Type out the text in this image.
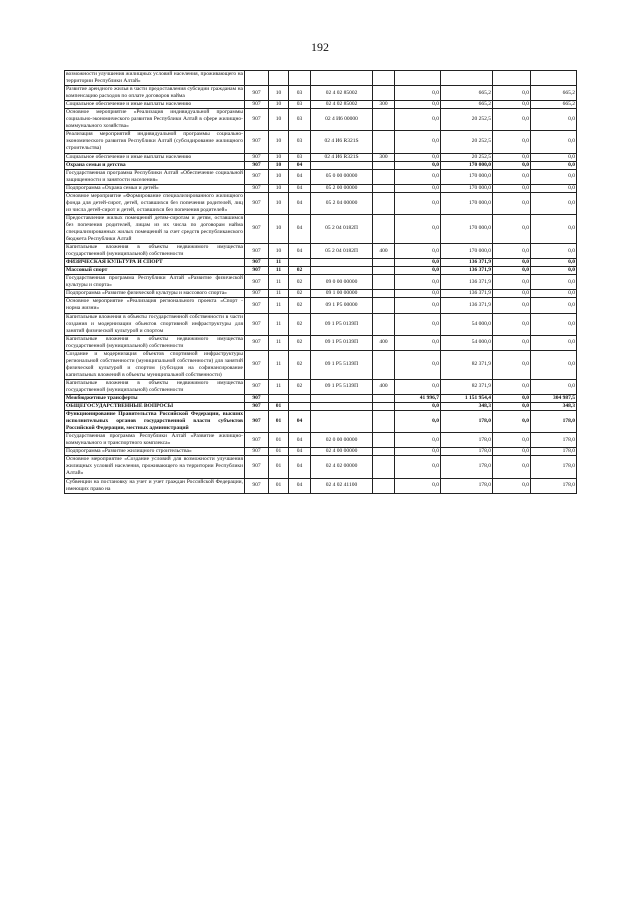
192
возможности улучшения жилищных условий населения, проживающего на территории Республики Алтай»									
Развитие арендного жилья в части предоставления субсидии гражданам на компенсацию расходов по оплате договоров найма	907	10	03	02 4 02 85002		0,0	665,2	0,0	665,2
Социальное обеспечение и иные выплаты населению	907	10	03	02 4 02 85002	300	0,0	665,2	0,0	665,2
Основное мероприятие «Реализация индивидуальной программы социально-экономического развития Республики Алтай в сфере жилищно-коммунального хозяйства»	907	10	03	02 4 И6 00000		0,0	20 252,5	0,0	0,0
Реализация мероприятий индивидуальной программы социально-экономического развития Республики Алтай (субсидирование жилищного строительства)	907	10	03	02 4 И6 R321S		0,0	20 252,5	0,0	0,0
Социальное обеспечение и иные выплаты населению	907	10	03	02 4 И6 R321S	300	0,0	20 252,5	0,0	0,0
Охрана семьи и детства	907	10	04			0,0	170 000,0	0,0	0,0
Государственная программа Республики Алтай «Обеспечение социальной защищенности и занятости населения»	907	10	04	05 0 00 00000		0,0	170 000,0	0,0	0,0
Подпрограмма «Охрана семьи и детей»	907	10	04	05 2 00 00000		0,0	170 000,0	0,0	0,0
Основное мероприятие «Формирование специализированного жилищного фонда для детей-сирот, детей, оставшихся без попечения родителей, лиц из числа детей-сирот и детей, оставшихся без попечения родителей»	907	10	04	05 2 04 00000		0,0	170 000,0	0,0	0,0
Предоставление жилых помещений детям-сиротам и детям, оставшимся без попечения родителей, лицам из их числа по договорам найма специализированных жилых помещений за счет средств республиканского бюджета Республики Алтай	907	10	04	05 2 04 0182П		0,0	170 000,0	0,0	0,0
Капитальные вложения в объекты недвижимого имущества государственной (муниципальной) собственности	907	10	04	05 2 04 0182П	400	0,0	170 000,0	0,0	0,0
ФИЗИЧЕСКАЯ КУЛЬТУРА И СПОРТ	907	11				0,0	136 371,9	0,0	0,0
Массовый спорт	907	11	02			0,0	136 371,9	0,0	0,0
Государственная программа Республики Алтай «Развитие физической культуры и спорта»	907	11	02	09 0 00 00000		0,0	136 371,9	0,0	0,0
Подпрограмма «Развитие физической культуры и массового спорта»	907	11	02	09 1 00 00000		0,0	136 371,9	0,0	0,0
Основное мероприятие «Реализация регионального проекта «Спорт - норма жизни»	907	11	02	09 1 P5 00000		0,0	136 371,9	0,0	0,0
Капитальные вложения в объекты государственной собственности в части создания и модернизации объектов спортивной инфраструктуры для занятий физической культурой и спортом	907	11	02	09 1 P5 0139П		0,0	54 000,0	0,0	0,0
Капитальные вложения в объекты недвижимого имущества государственной (муниципальной) собственности	907	11	02	09 1 P5 0139П	400	0,0	54 000,0	0,0	0,0
Создание и модернизация объектов спортивной инфраструктуры региональной собственности (муниципальной собственности) для занятий физической культурой и спортом (субсидия на софинансирование капитальных вложений в объекты муниципальной собственности)	907	11	02	09 1 P5 5139П		0,0	82 371,9	0,0	0,0
Капитальные вложения в объекты недвижимого имущества государственной (муниципальной) собственности	907	11	02	09 1 P5 5139П	400	0,0	82 371,9	0,0	0,0
Межбюджетные трансферты	907					41 996,7	1 151 954,4	0,0	304 987,5
ОБЩЕГОСУДАРСТВЕННЫЕ ВОПРОСЫ	907	01				0,0	348,3	0,0	348,3
Функционирование Правительства Российской Федерации, высших исполнительных органов государственной власти субъектов Российской Федерации, местных администраций	907	01	04			0,0	178,0	0,0	178,0
Государственная программа Республики Алтай «Развитие жилищно-коммунального и транспортного комплекса»	907	01	04	02 0 00 00000		0,0	178,0	0,0	178,0
Подпрограмма «Развитие жилищного строительства»	907	01	04	02 4 00 00000		0,0	178,0	0,0	178,0
Основное мероприятие «Создание условий для возможности улучшения жилищных условий населения, проживающего на территории Республики Алтай»	907	01	04	02 4 02 00000		0,0	178,0	0,0	178,0
Субвенции на постановку на учет и учет граждан Российской Федерации, имеющих право на	907	01	04	02 4 02 41100		0,0	178,0	0,0	178,0
